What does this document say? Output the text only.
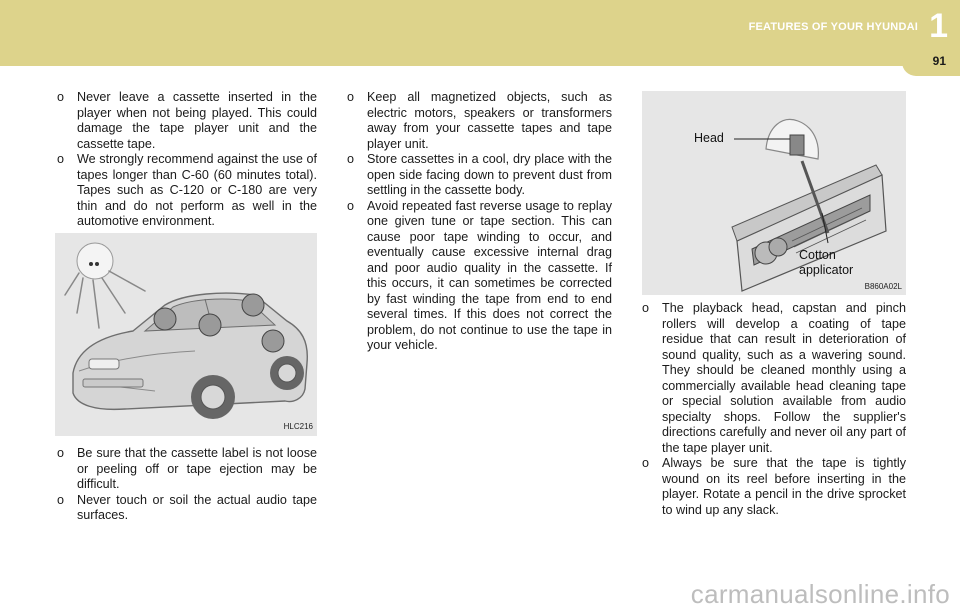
FEATURES OF YOUR HYUNDAI 1
91

o Never leave a cassette inserted in the player when not being played. This could damage the tape player unit and the cassette tape.

o We strongly recommend against the use of tapes longer than C-60 (60 minutes total). Tapes such as C-120 or C-180 are very thin and do not perform as well in the automotive environment.

HLC216

o Be sure that the cassette label is not loose or peeling off or tape ejection may be difficult.

o Never touch or soil the actual audio tape surfaces.

o Keep all magnetized objects, such as electric motors, speakers or transformers away from your cassette tapes and tape player unit.

o Store cassettes in a cool, dry place with the open side facing down to prevent dust from settling in the cassette body.

o Avoid repeated fast reverse usage to replay one given tune or tape section. This can cause poor tape winding to occur, and eventually cause excessive internal drag and poor audio quality in the cassette. If this occurs, it can sometimes be corrected by fast winding the tape from end to end several times. If this does not correct the problem, do not continue to use the tape in your vehicle.

Head
Cotton
applicator
B860A02L

o The playback head, capstan and pinch rollers will develop a coating of tape residue that can result in deterioration of sound quality, such as a wavering sound. They should be cleaned monthly using a commercially available head cleaning tape or special solution available from audio specialty shops. Follow the supplier's directions carefully and never oil any part of the tape player unit.

o Always be sure that the tape is tightly wound on its reel before inserting in the player. Rotate a pencil in the drive sprocket to wind up any slack.

carmanualsonline.info
